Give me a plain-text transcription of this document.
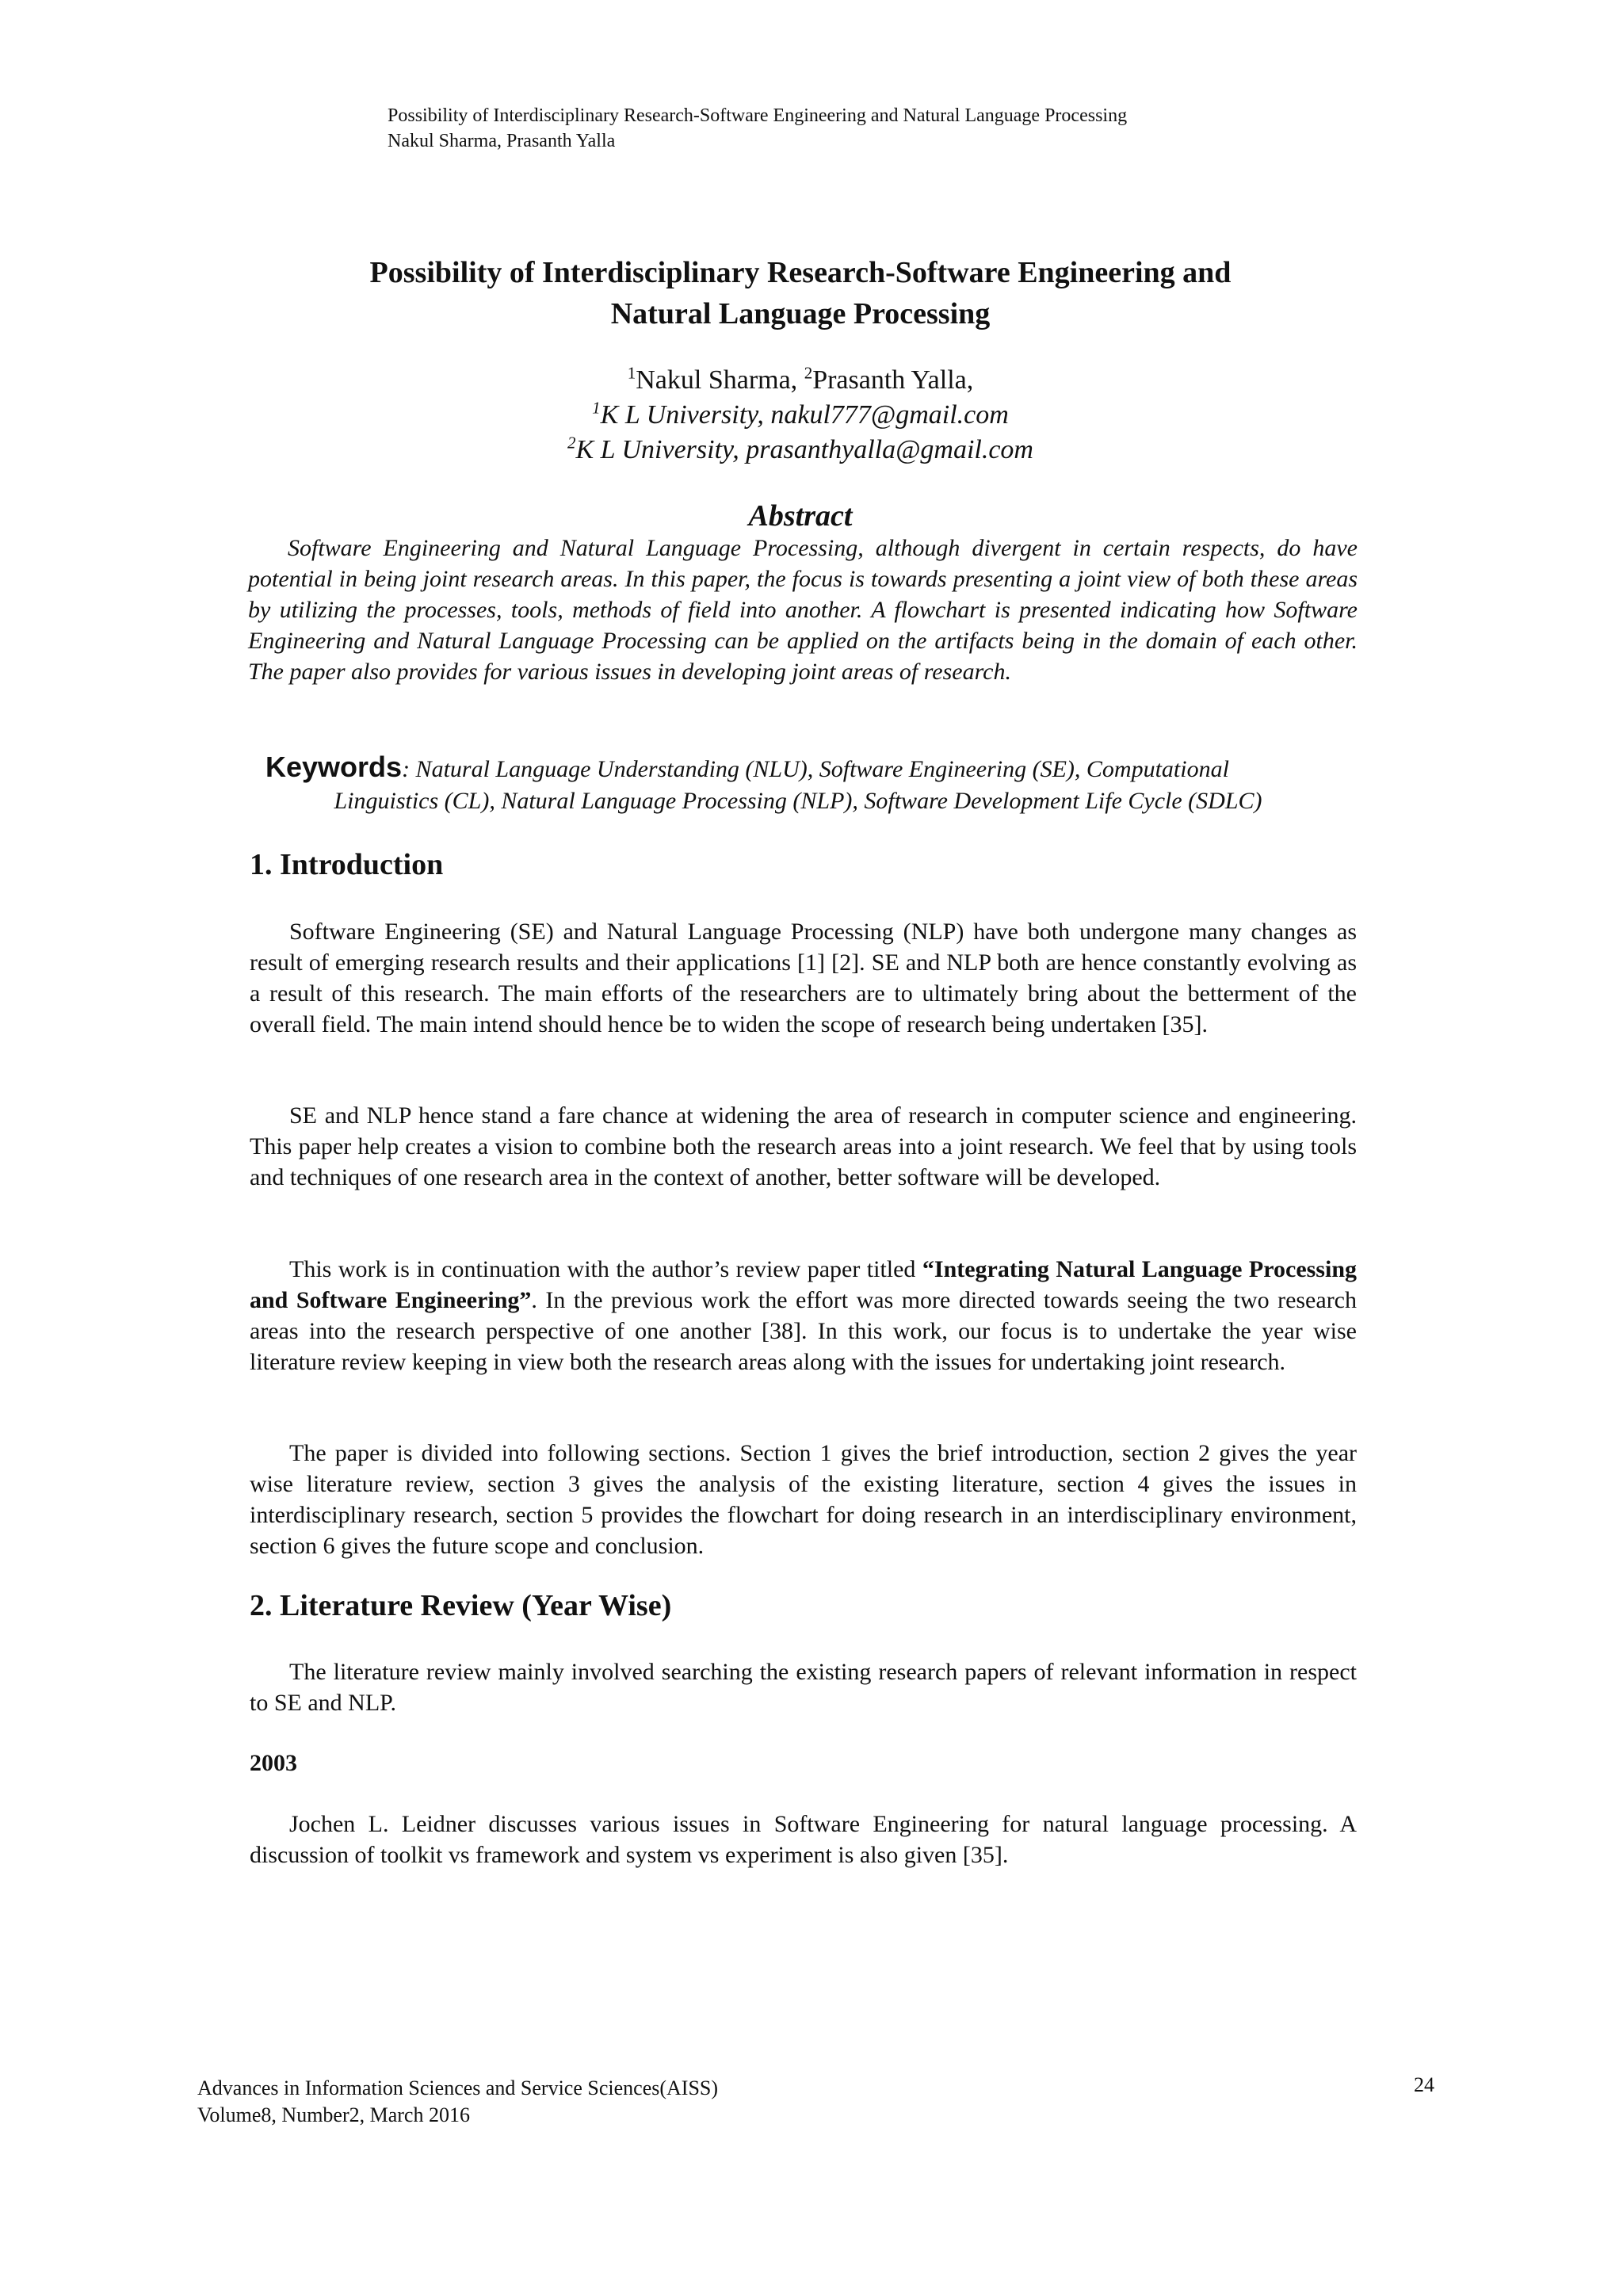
Possibility of Interdisciplinary Research-Software Engineering and Natural Language Processing
Nakul Sharma, Prasanth Yalla
Possibility of Interdisciplinary Research-Software Engineering and
Natural Language Processing
$^1$Nakul Sharma, $^2$Prasanth Yalla,
$^1$K L University, nakul777@gmail.com
$^2$K L University, prasanthyalla@gmail.com
Abstract

Software Engineering and Natural Language Processing, although divergent in certain respects, do have potential in being joint research areas. In this paper, the focus is towards presenting a joint view of both these areas by utilizing the processes, tools, methods of field into another. A flowchart is presented indicating how Software Engineering and Natural Language Processing can be applied on the artifacts being in the domain of each other. The paper also provides for various issues in developing joint areas of research.

Keywords: Natural Language Understanding (NLU), Software Engineering (SE), Computational
Linguistics (CL), Natural Language Processing (NLP), Software Development Life Cycle (SDLC)

1. Introduction

Software Engineering (SE) and Natural Language Processing (NLP) have both undergone many changes as result of emerging research results and their applications [1] [2]. SE and NLP both are hence constantly evolving as a result of this research. The main efforts of the researchers are to ultimately bring about the betterment of the overall field. The main intend should hence be to widen the scope of research being undertaken [35].

SE and NLP hence stand a fare chance at widening the area of research in computer science and engineering. This paper help creates a vision to combine both the research areas into a joint research. We feel that by using tools and techniques of one research area in the context of another, better software will be developed.

This work is in continuation with the author’s review paper titled “Integrating Natural Language Processing and Software Engineering”. In the previous work the effort was more directed towards seeing the two research areas into the research perspective of one another [38]. In this work, our focus is to undertake the year wise literature review keeping in view both the research areas along with the issues for undertaking joint research.

The paper is divided into following sections. Section 1 gives the brief introduction, section 2 gives the year wise literature review, section 3 gives the analysis of the existing literature, section 4 gives the issues in interdisciplinary research, section 5 provides the flowchart for doing research in an interdisciplinary environment, section 6 gives the future scope and conclusion.

2. Literature Review (Year Wise)

The literature review mainly involved searching the existing research papers of relevant information in respect to SE and NLP.

2003

Jochen L. Leidner discusses various issues in Software Engineering for natural language processing. A discussion of toolkit vs framework and system vs experiment is also given [35].

Advances in Information Sciences and Service Sciences(AISS)
Volume8, Number2, March 2016
24
